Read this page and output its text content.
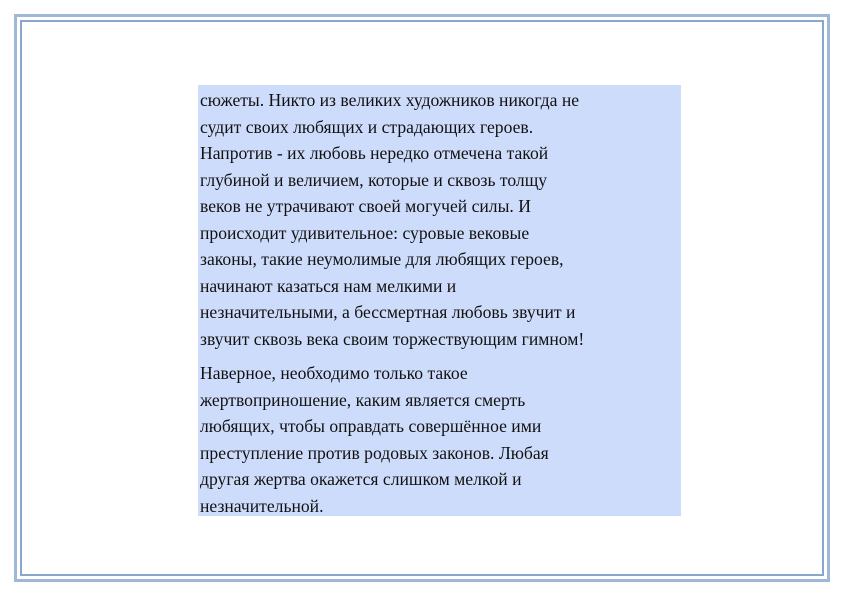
сюжеты. Никто из великих художников никогда не
судит своих любящих и страдающих героев.
Напротив - их любовь нередко отмечена такой
глубиной и величием, которые и сквозь толщу
веков не утрачивают своей могучей силы. И
происходит удивительное: суровые вековые
законы, такие неумолимые для любящих героев,
начинают казаться нам мелкими и
незначительными, а бессмертная любовь звучит и
звучит сквозь века своим торжествующим гимном!

Наверное, необходимо только такое
жертвоприношение, каким является смерть
любящих, чтобы оправдать совершённое ими
преступление против родовых законов. Любая
другая жертва окажется слишком мелкой и
незначительной.
